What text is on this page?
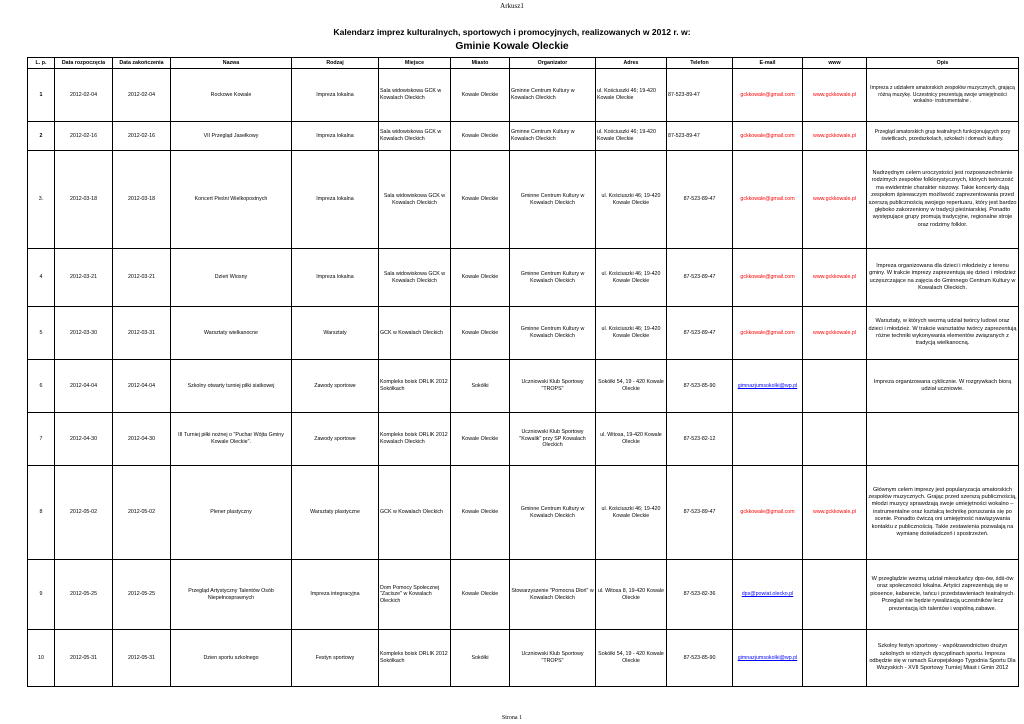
Arkusz1
Kalendarz imprez kulturalnych, sportowych i promocyjnych, realizowanych w 2012 r. w:
Gminie Kowale Oleckie
L. p.	Data rozpoczęcia	Data zakończenia	Nazwa	Rodzaj	Miejsce	Miasto	Organizator	Adres	Telefon	E-mail	www	Opis
1	2012-02-04	2012-02-04	Rockowe Kowale	Impreza lokalna	Sala widowiskowa GCK w Kowalach Oleckich	Kowale Oleckie	Gminne Centrum Kultury w Kowalach Oleckich	ul. Kościuszki 46; 19-420 Kowale Oleckie	87-523-89-47	gckkowale@gmail.com	www.gckkowale.pl	Impreza z udziałem amatorskich zespołów muzycznych, grającą różną muzykę. Uczestnicy prezentują swoje umiejętności wokalno- instrumentalne .
2	2012-02-16	2012-02-16	VII Przegląd Jasełkowy	Impreza lokalna	Sala widowiskowa GCK w Kowalach Oleckich	Kowale Oleckie	Gminne Centrum Kultury w Kowalach Oleckich	ul. Kościuszki 46; 19-420 Kowale Oleckie	87-523-89-47	gckkowale@gmail.com	www.gckkowale.pl	Przegląd amatorskich grup teatralnych funkcjonujących przy świetlicach, przedszkolach, szkołach i domach kultury.
3.	2012-03-18	2012-03-18	Koncert Pieśni Wielkopostnych	Impreza lokalna	Sala widowiskowa GCK w Kowalach Oleckich	Kowale Oleckie	Gminne Centrum Kultury w Kowalach Oleckich	ul. Kościuszki 46; 19-420 Kowale Oleckie	87-523-89-47	gckkowale@gmail.com	www.gckkowale.pl	Nadrzędnym celem uroczystości jest rozpowszechnienie rodzimych zespołów folklorystycznych, których twórczość ma ewidentnie charakter niszowy. Takie koncerty dają zespołom śpiewaczym możliwość zaprezentowania przed szerszą publicznością swojego repertuaru, który jest bardzo głęboko zakorzeniony w tradycji pieśniarskiej. Ponadto występujące grupy promują tradycyjne, regionalne stroje oraz rodzimy folklor.
4	2012-03-21	2012-03-21	Dzień Wiosny	Impreza lokalna	Sala widowiskowa GCK w Kowalach Oleckich	Kowale Oleckie	Gminne Centrum Kultury w Kowalach Oleckich	ul. Kościuszki 46; 19-420 Kowale Oleckie	87-523-89-47	gckkowale@gmail.com	www.gckkowale.pl	Impreza organizowana dla dzieci i młodzieży z terenu gminy. W trakcie imprezy zaprezentują się dzieci i młodzież uczęszczające na zajęcia do Gminnego Centrum Kultury w Kowalach Oleckich.
5	2012-03-30	2012-03-31	Warsztaty wielkanocne	Warsztaty	GCK w Kowalach Oleckich	Kowale Oleckie	Gminne Centrum Kultury w Kowalach Oleckich	ul. Kościuszki 46; 19-420 Kowale Oleckie	87-523-89-47	gckkowale@gmail.com	www.gckkowale.pl	Warsztaty, w których wezmą udział twórcy ludowi oraz dzieci i młodzież. W trakcie warsztatów twórcy zaprezentują różne techniki wykonywania elementów związanych z tradycją wielkanocną.
6	2012-04-04	2012-04-04	Szkolny otwarty turniej piłki siatkowej	Zawody sportowe	Kompleks boisk ORLIK 2012 Sokółkach	Sokółki	Uczniowski Klub Sportowy "TROPS"	Sokółki 54, 19 - 420 Kowale Oleckie	87-523-85-90	gimnazjumsokolki@wp.pl		Impreza organizowana cyklicznie. W rozgrywkach biorą udział uczniowie.
7	2012-04-30	2012-04-30	III Turniej piłki nożnej o "Puchar Wójta Gminy Kowale Oleckie".	Zawody sportowe	Kompleks boisk ORLIK 2012 Kowalach Oleckich	Kowale Oleckie	Uczniowski Klub Sportowy "Kowalik" przy SP Kowalach Oleckich	ul. Witosa, 19-420 Kowale Oleckie	87-523-82-12			
8	2012-05-02	2012-05-02	Plener plastyczny	Warsztaty plastyczne	GCK w Kowalach Oleckich	Kowale Oleckie	Gminne Centrum Kultury w Kowalach Oleckich	ul. Kościuszki 46; 19-420 Kowale Oleckie	87-523-89-47	gckkowale@gmail.com	www.gckkowale.pl	Głównym celem imprezy jest popularyzacja amatorskich zespołów muzycznych. Grając przed szerszą publicznością, młodzi muzycy sprawdzają swoje umiejętności wokalno – instrumentalne oraz kształcą technikę poruszania się po scenie. Ponadto ćwiczą oni umiejętność nawiązywania kontaktu z publicznością. Takie zestawienia pozwalają na wymianę doświadczeń i spostrzeżeń.
9	2012-05-25	2012-05-25	Przegląd Artystyczny Talentów Osób Niepełnosprawnych	Impreza integracyjna	Dom Pomocy Społecznej "Zacisze" w Kowalach Oleckich	Kowale Oleckie	Stowarzyszenie "Pomocna Dłoń" w Kowalach Oleckich	ul. Witosa 8, 19-420 Kowale Oleckie	87-523-82-36	dps@powiat.olecko.pl		W przeglądzie wezmą udział mieszkańcy dps-ów, śdś-ów oraz społeczności lokalna. Artyści zaprezentują się w piosence, kabarecie, tańcu i przedstawieniach teatralnych. Przegląd nie będzie rywalizacją uczestników lecz prezentacją ich talentów i wspólną zabawe.
10	2012-05-31	2012-05-31	Dzien sportu szkolnego	Festyn sportowy	Kompleks boisk ORLIK 2012 Sokółkach	Sokółki	Uczniowski Klub Sportowy "TROPS"	Sokółki 54, 19 - 420 Kowale Oleckie	87-523-85-90	gimnazjumsokolki@wp.pl		Szkolny festyn sportowy - współzawodnictwo drużyn szkolnych w różnych dyscyplinach sportu. Impreza odbędzie się w ramach Europejskiego Tygodnia Sportu Dla Wszyskich - XVII Sportowy Turniej Miast i Gmin 2012
Strona 1
